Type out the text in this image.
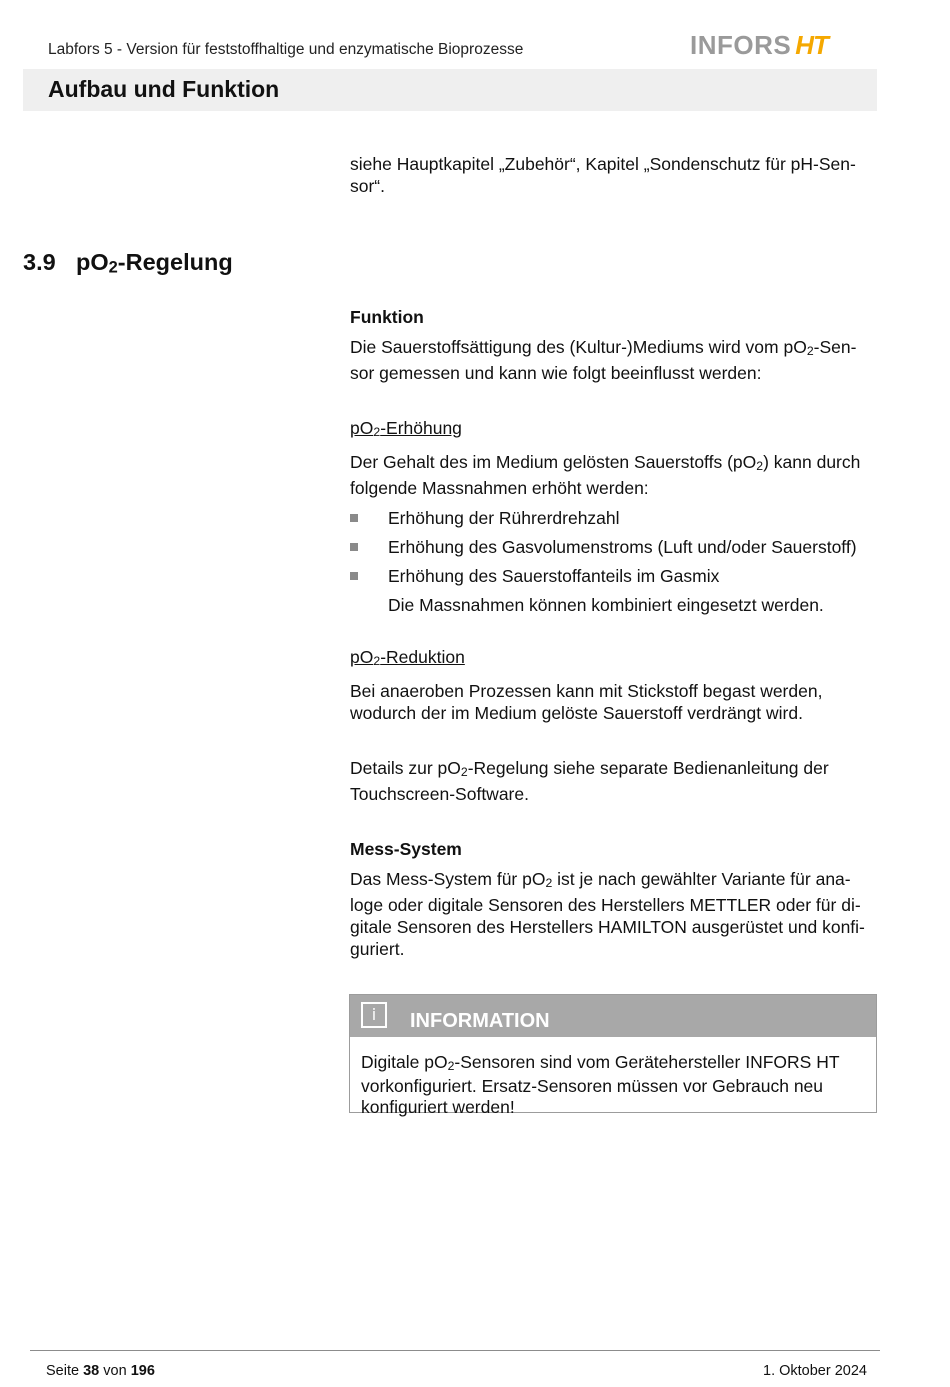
Labfors 5 - Version für feststoffhaltige und enzymatische Bioprozesse	INFORS HT
Aufbau und Funktion
siehe Hauptkapitel „Zubehör“, Kapitel „Sondenschutz für pH-Sen-
sor“.
3.9 $pO_2$-Regelung
Funktion
Die Sauerstoffsättigung des (Kultur-)Mediums wird vom $pO_2-Sen-$
sor gemessen und kann wie folgt beeinflusst werden:
$pO_2$-Erhöhung
Der Gehalt des im Medium gelösten Sauerstoffs $(pO_2)$ kann durch
folgende Massnahmen erhöht werden:
Erhöhung der Rührerdrehzahl
Erhöhung des Gasvolumenstroms (Luft und/oder Sauerstoff)
Erhöhung des Sauerstoffanteils im Gasmix
Die Massnahmen können kombiniert eingesetzt werden.
$pO_2$-Reduktion
Bei anaeroben Prozessen kann mit Stickstoff begast werden,
wodurch der im Medium gelöste Sauerstoff verdrängt wird.
Details zur $pO_2$-Regelung siehe separate Bedienanleitung der
Touchscreen-Software.
Mess-System
Das Mess-System für $pO_2$ ist je nach gewählter Variante für ana-
loge oder digitale Sensoren des Herstellers METTLER oder für di-
gitale Sensoren des Herstellers HAMILTON ausgerüstet und konfi-
guriert.
i	INFORMATION
Digitale $pO_2$-Sensoren sind vom Gerätehersteller INFORS HT
vorkonfiguriert. Ersatz-Sensoren müssen vor Gebrauch neu
konfiguriert werden!
Seite 38 von 196	1. Oktober 2024
